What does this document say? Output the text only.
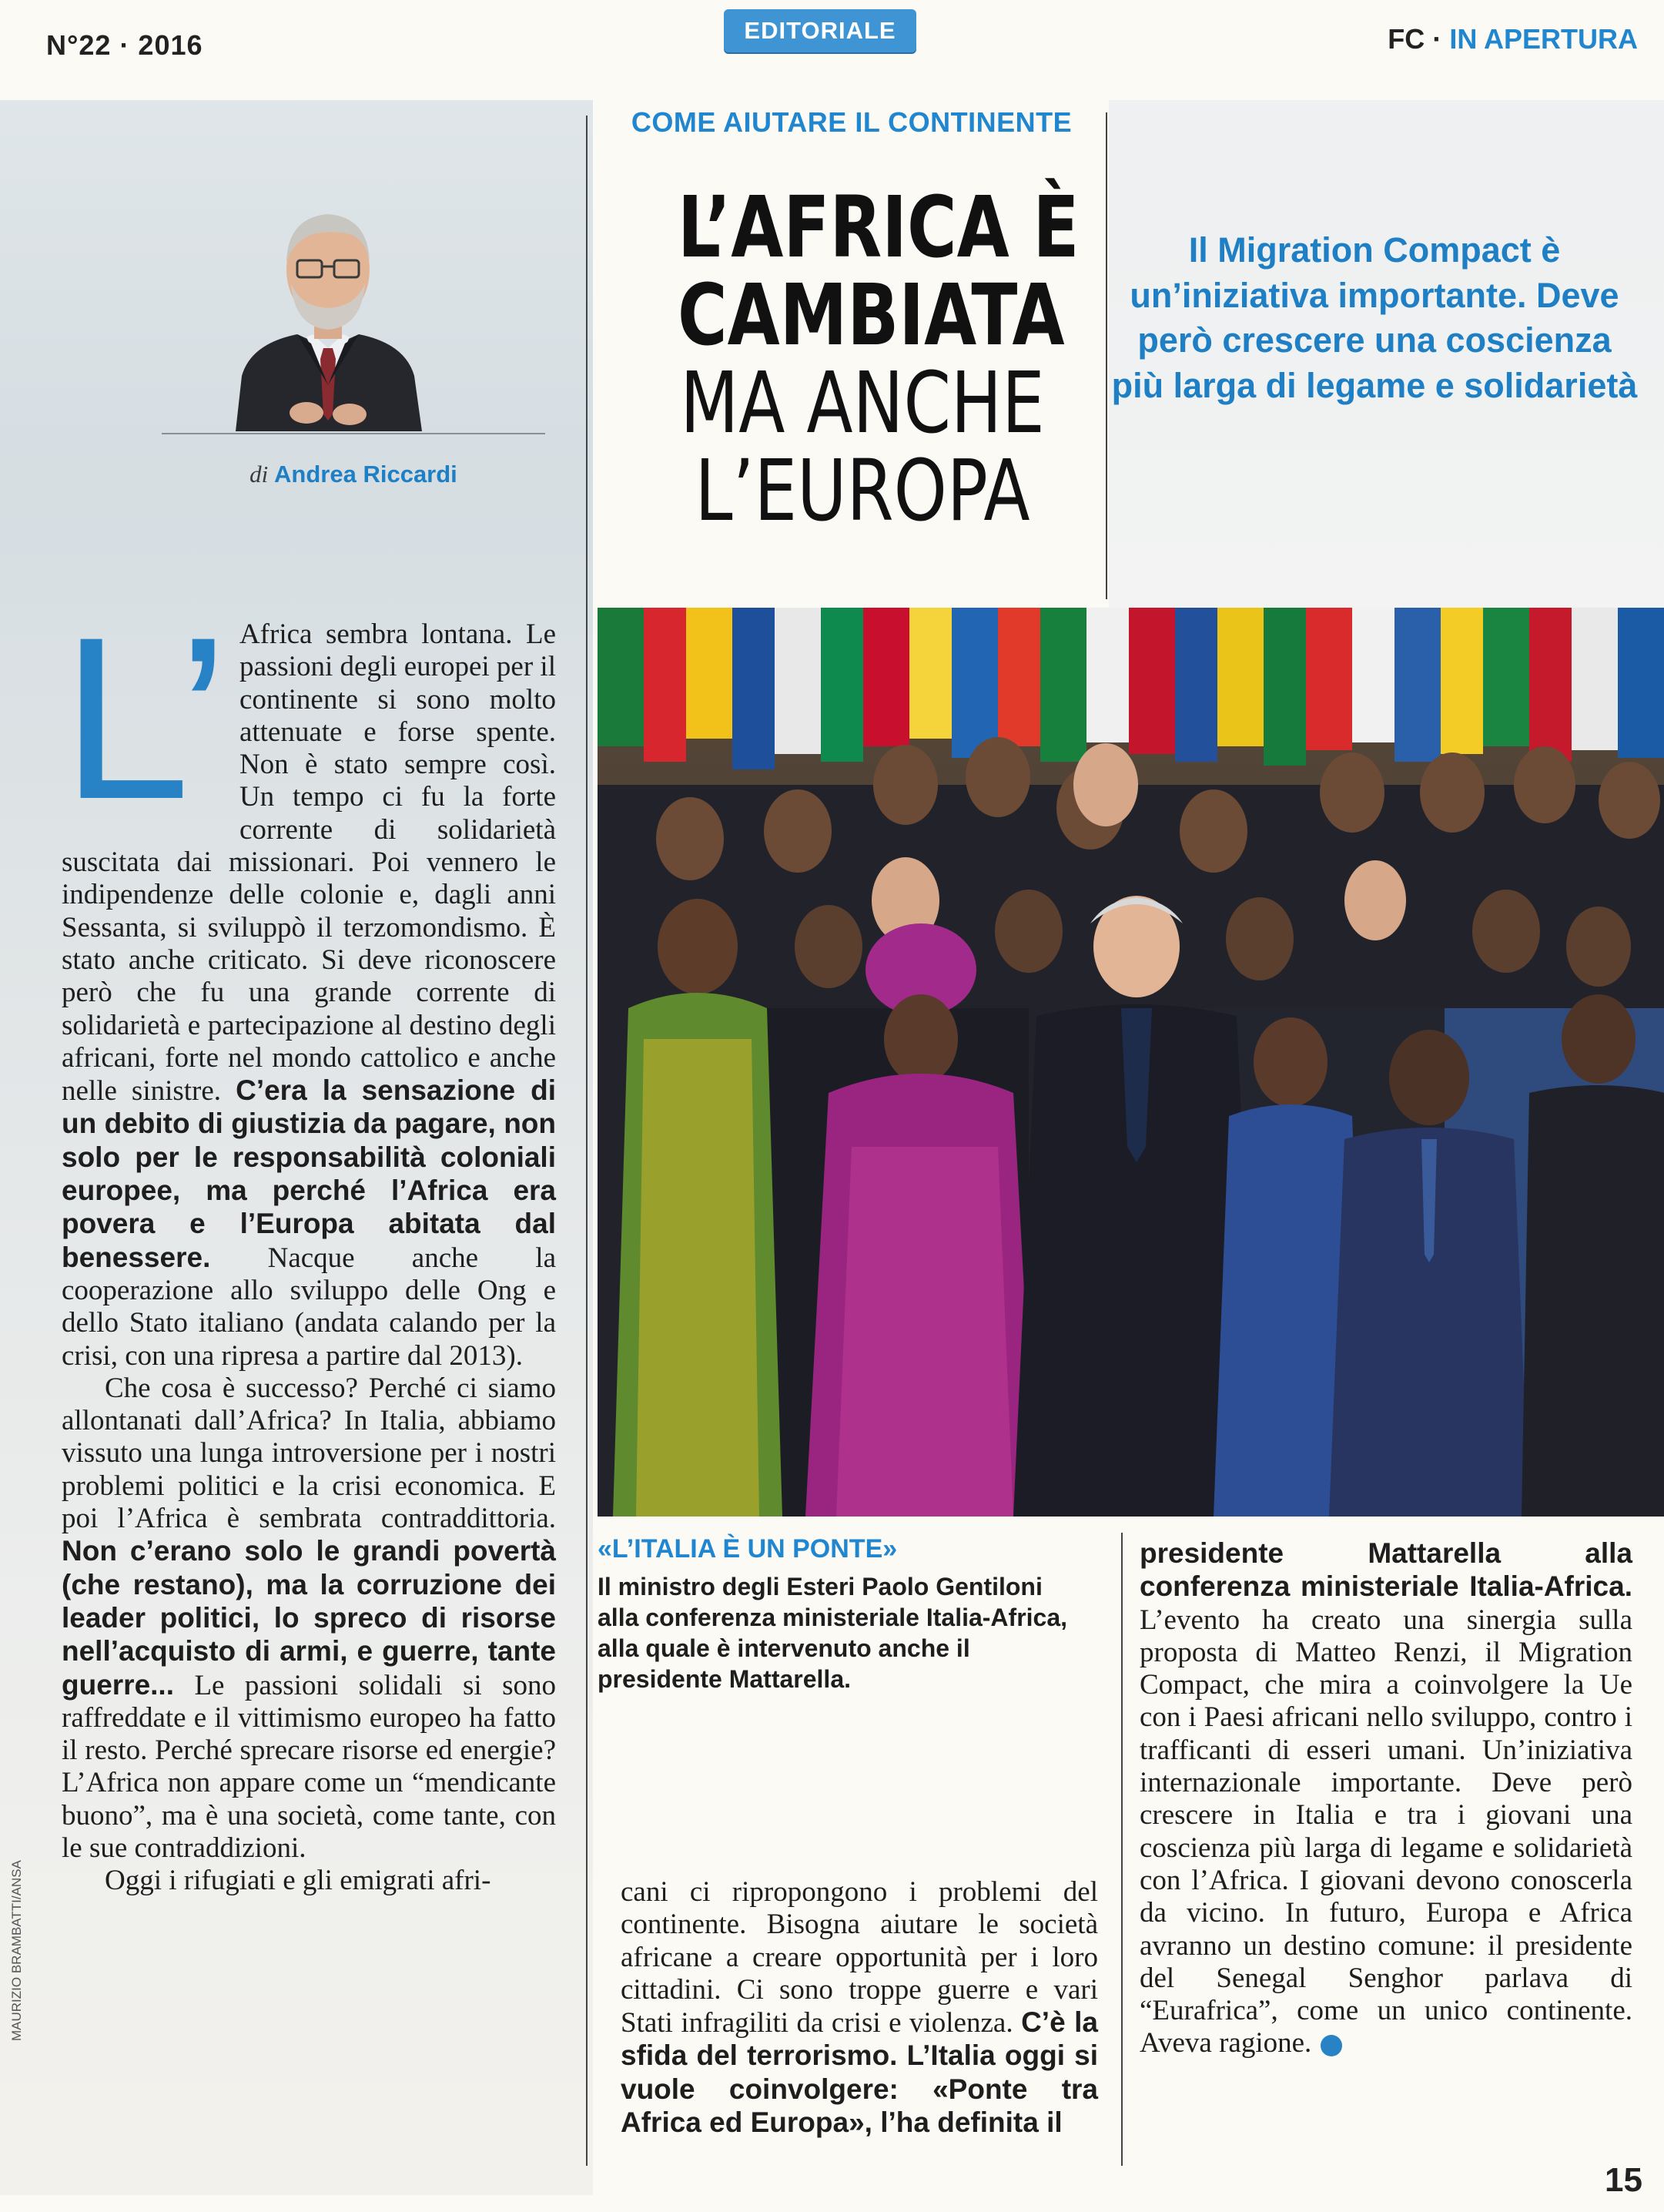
N°22 · 2016	EDITORIALE	FC · IN APERTURA
di Andrea Riccardi
COME AIUTARE IL CONTINENTE
L’AFRICA È
CAMBIATA
MA ANCHE
L’EUROPA
Il Migration Compact è un’iniziativa importante. Deve però crescere una coscienza più larga di legame e solidarietà

L’ Africa sembra lontana. Le passioni degli europei per il continente si sono molto attenuate e forse spente. Non è stato sempre così. Un tempo ci fu la forte corrente di solidarietà suscitata dai missionari. Poi vennero le indipendenze delle colonie e, dagli anni Sessanta, si sviluppò il terzomondismo. È stato anche criticato. Si deve riconoscere però che fu una grande corrente di solidarietà e partecipazione al destino degli africani, forte nel mondo cattolico e anche nelle sinistre. C’era la sensazione di un debito di giustizia da pagare, non solo per le responsabilità coloniali europee, ma perché l’Africa era povera e l’Europa abitata dal benessere. Nacque anche la cooperazione allo sviluppo delle Ong e dello Stato italiano (andata calando per la crisi, con una ripresa a partire dal 2013).

Che cosa è successo? Perché ci siamo allontanati dall’Africa? In Italia, abbiamo vissuto una lunga introversione per i nostri problemi politici e la crisi economica. E poi l’Africa è sembrata contraddittoria. Non c’erano solo le grandi povertà (che restano), ma la corruzione dei leader politici, lo spreco di risorse nell’acquisto di armi, e guerre, tante guerre... Le passioni solidali si sono raffreddate e il vittimismo europeo ha fatto il resto. Perché sprecare risorse ed energie? L’Africa non appare come un “mendicante buono”, ma è una società, come tante, con le sue contraddizioni.

Oggi i rifugiati e gli emigrati afri-

«L’ITALIA È UN PONTE»
Il ministro degli Esteri Paolo Gentiloni alla conferenza ministeriale Italia-Africa, alla quale è intervenuto anche il presidente Mattarella.

cani ci ripropongono i problemi del continente. Bisogna aiutare le società africane a creare opportunità per i loro cittadini. Ci sono troppe guerre e vari Stati infragiliti da crisi e violenza. C’è la sfida del terrorismo. L’Italia oggi si vuole coinvolgere: «Ponte tra Africa ed Europa», l’ha definita il

presidente Mattarella alla conferenza ministeriale Italia-Africa. L’evento ha creato una sinergia sulla proposta di Matteo Renzi, il Migration Compact, che mira a coinvolgere la Ue con i Paesi africani nello sviluppo, contro i trafficanti di esseri umani. Un’iniziativa internazionale importante. Deve però crescere in Italia e tra i giovani una coscienza più larga di legame e solidarietà con l’Africa. I giovani devono conoscerla da vicino. In futuro, Europa e Africa avranno un destino comune: il presidente del Senegal Senghor parlava di “Eurafrica”, come un unico continente. Aveva ragione.

MAURIZIO BRAMBATTI/ANSA
15
